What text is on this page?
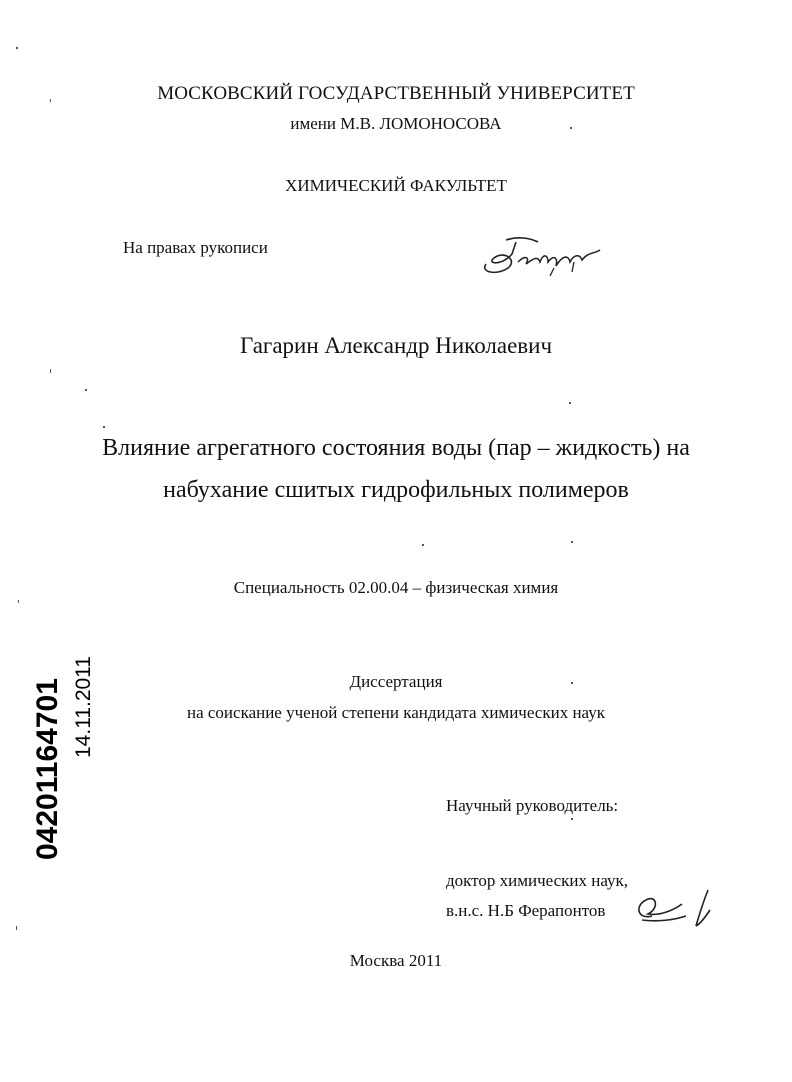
МОСКОВСКИЙ ГОСУДАРСТВЕННЫЙ УНИВЕРСИТЕТ
имени М.В. ЛОМОНОСОВА
ХИМИЧЕСКИЙ ФАКУЛЬТЕТ
На правах рукописи
Гагарин Александр Николаевич
Влияние агрегатного состояния воды (пар – жидкость) на
набухание сшитых гидрофильных полимеров
Специальность 02.00.04 – физическая химия
Диссертация
на соискание ученой степени кандидата химических наук
Научный руководитель:
доктор химических наук,
в.н.с. Н.Б Ферапонтов
Москва 2011
04201164701 14.11.2011
